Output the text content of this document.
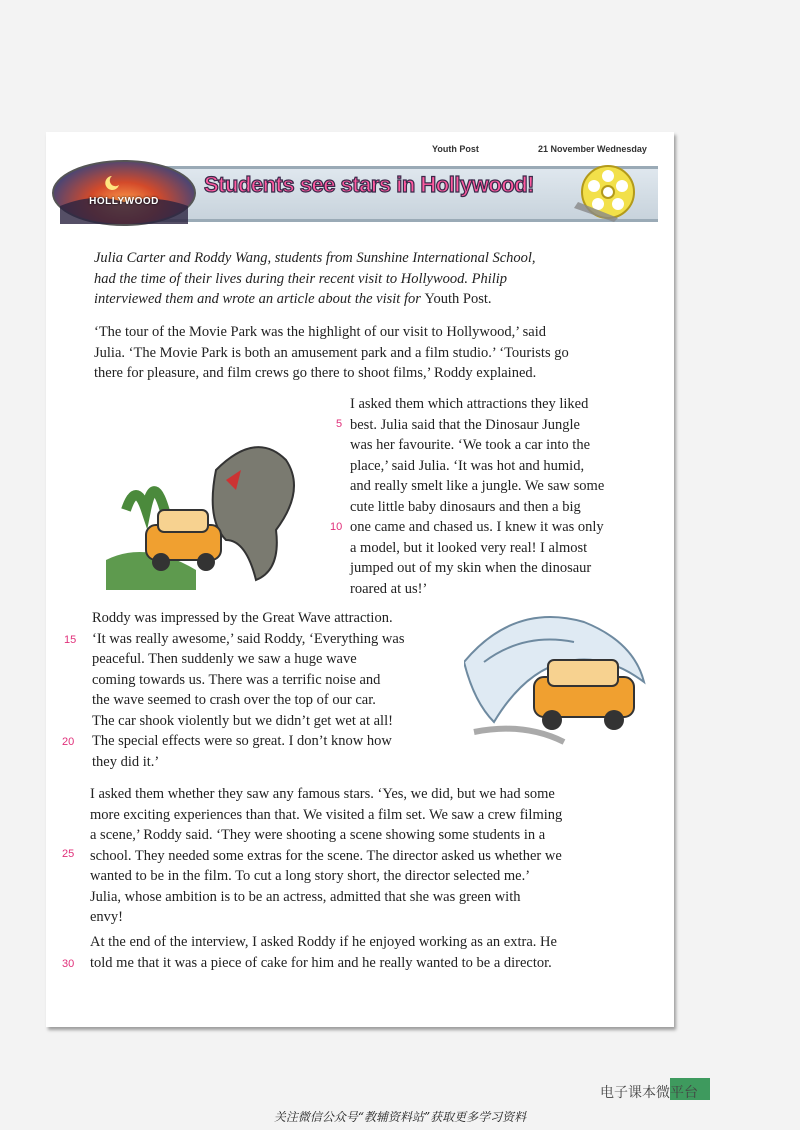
Youth Post	21 November Wednesday
HOLLYWOOD
Students see stars in Hollywood!
Julia Carter and Roddy Wang, students from Sunshine International School,
had the time of their lives during their recent visit to Hollywood. Philip
interviewed them and wrote an article about the visit for Youth Post.
‘The tour of the Movie Park was the highlight of our visit to Hollywood,’ said
Julia. ‘The Movie Park is both an amusement park and a film studio.’ ‘Tourists go
there for pleasure, and film crews go there to shoot films,’ Roddy explained.
I asked them which attractions they liked
best. Julia said that the Dinosaur Jungle
was her favourite. ‘We took a car into the
place,’ said Julia. ‘It was hot and humid,
and really smelt like a jungle. We saw some
cute little baby dinosaurs and then a big
one came and chased us. I knew it was only
a model, but it looked very real! I almost
jumped out of my skin when the dinosaur
roared at us!’
Roddy was impressed by the Great Wave attraction.
‘It was really awesome,’ said Roddy, ‘Everything was
peaceful. Then suddenly we saw a huge wave
coming towards us. There was a terrific noise and
the wave seemed to crash over the top of our car.
The car shook violently but we didn’t get wet at all!
The special effects were so great. I don’t know how
they did it.’
I asked them whether they saw any famous stars. ‘Yes, we did, but we had some
more exciting experiences than that. We visited a film set. We saw a crew filming
a scene,’ Roddy said. ‘They were shooting a scene showing some students in a
school. They needed some extras for the scene. The director asked us whether we
wanted to be in the film. To cut a long story short, the director selected me.’
Julia, whose ambition is to be an actress, admitted that she was green with
envy!
At the end of the interview, I asked Roddy if he enjoyed working as an extra. He
told me that it was a piece of cake for him and he really wanted to be a director.
5
10
15
20
25
30
电子课本微平台
关注微信公众号“教辅资料站”获取更多学习资料
